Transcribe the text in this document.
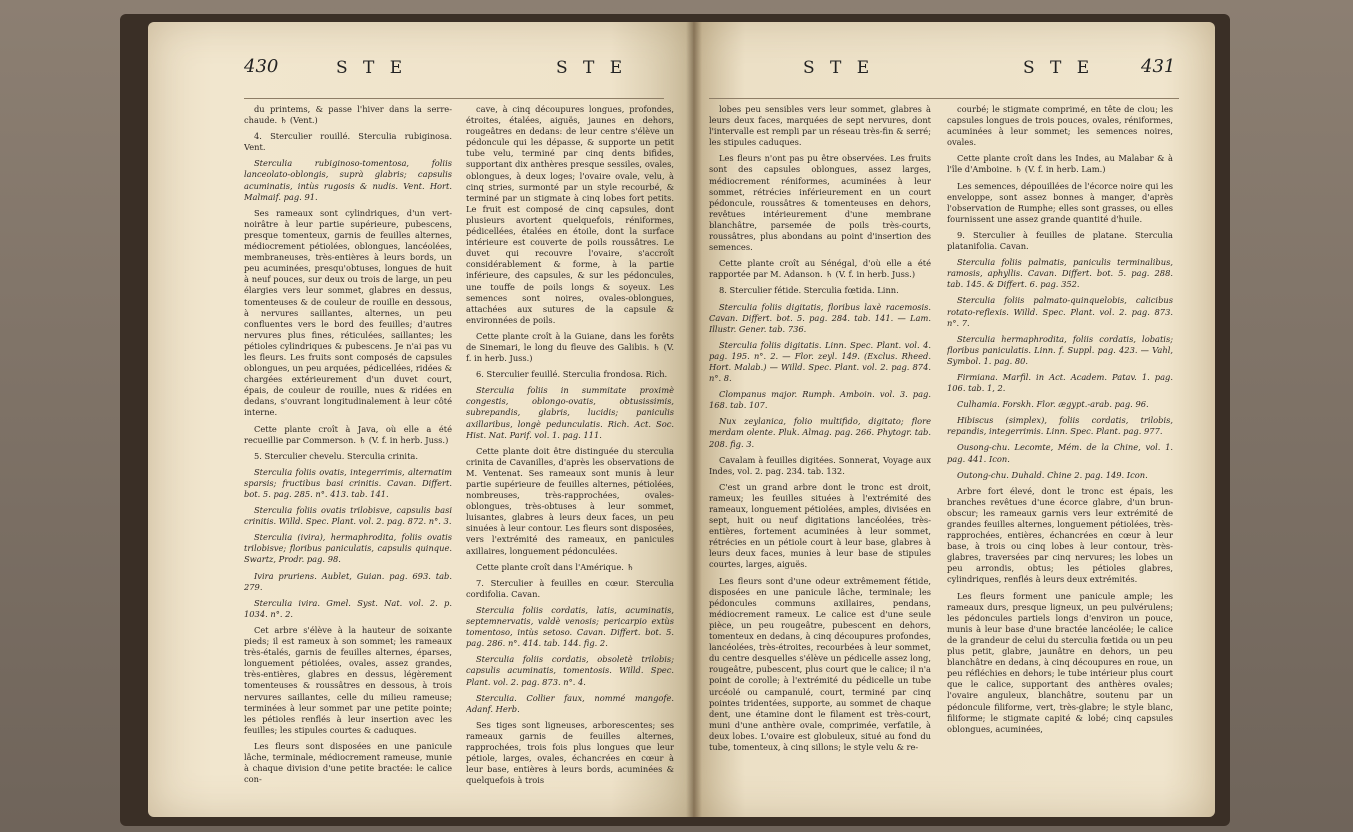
430	S T E	S T E

du printems, & passe l'hiver dans la serre-chaude. ♄ (Vent.)

4. Sterculier rouillé. Sterculia rubiginosa. Vent.

Sterculia rubiginoso-tomentosa, foliis lanceolato-oblongis, suprà glabris; capsulis acuminatis, intùs rugosis & nudis. Vent. Hort. Malmaif. pag. 91.

Ses rameaux sont cylindriques, d'un vert-noirâtre à leur partie supérieure, pubescens, presque tomenteux, garnis de feuilles alternes, médiocrement pétiolées, oblongues, lancéolées, membraneuses, très-entières à leurs bords, un peu acuminées, presqu'obtuses, longues de huit à neuf pouces, sur deux ou trois de large, un peu élargies vers leur sommet, glabres en dessus, tomenteuses & de couleur de rouille en dessous, à nervures saillantes, alternes, un peu confluentes vers le bord des feuilles; d'autres nervures plus fines, réticulées, saillantes; les pétioles cylindriques & pubescens. Je n'ai pas vu les fleurs. Les fruits sont composés de capsules oblongues, un peu arquées, pédicellées, ridées & chargées extérieurement d'un duvet court, épais, de couleur de rouille, nues & ridées en dedans, s'ouvrant longitudinalement à leur côté interne.

Cette plante croît à Java, où elle a été recueillie par Commerson. ♄ (V. f. in herb. Juss.)

5. Sterculier chevelu. Sterculia crinita.

Sterculia foliis ovatis, integerrimis, alternatim sparsis; fructibus basi crinitis. Cavan. Differt. bot. 5. pag. 285. n°. 413. tab. 141.

Sterculia foliis ovatis trilobisve, capsulis basi crinitis. Willd. Spec. Plant. vol. 2. pag. 872. n°. 3.

Sterculia (ivira), hermaphrodita, foliis ovatis trilobisve; floribus paniculatis, capsulis quinque. Swartz, Prodr. pag. 98.

Ivira pruriens. Aublet, Guian. pag. 693. tab. 279.

Sterculia ivira. Gmel. Syst. Nat. vol. 2. p. 1034. n°. 2.

Cet arbre s'élève à la hauteur de soixante pieds; il est rameux à son sommet; les rameaux très-étalés, garnis de feuilles alternes, éparses, longuement pétiolées, ovales, assez grandes, très-entières, glabres en dessus, légèrement tomenteuses & roussâtres en dessous, à trois nervures saillantes, celle du milieu rameuse; terminées à leur sommet par une petite pointe; les pétioles renflés à leur insertion avec les feuilles; les stipules courtes & caduques.

Les fleurs sont disposées en une panicule lâche, terminale, médiocrement rameuse, munie à chaque division d'une petite bractée: le calice con-

cave, à cinq découpures longues, profondes, étroites, étalées, aiguës, jaunes en dehors, rougeâtres en dedans: de leur centre s'élève un pédoncule qui les dépasse, & supporte un petit tube velu, terminé par cinq dents bifides, supportant dix anthères presque sessiles, ovales, oblongues, à deux loges; l'ovaire ovale, velu, à cinq stries, surmonté par un style recourbé, & terminé par un stigmate à cinq lobes fort petits. Le fruit est composé de cinq capsules, dont plusieurs avortent quelquefois, réniformes, pédicellées, étalées en étoile, dont la surface intérieure est couverte de poils roussâtres. Le duvet qui recouvre l'ovaire, s'accroît considérablement & forme, à la partie inférieure, des capsules, & sur les pédoncules, une touffe de poils longs & soyeux. Les semences sont noires, ovales-oblongues, attachées aux sutures de la capsule & environnées de poils.

Cette plante croît à la Guiane, dans les forêts de Sinemari, le long du fleuve des Galibis. ♄ (V. f. in herb. Juss.)

6. Sterculier feuillé. Sterculia frondosa. Rich.

Sterculia foliis in summitate proximè congestis, oblongo-ovatis, obtusissimis, subrepandis, glabris, lucidis; paniculis axillaribus, longè pedunculatis. Rich. Act. Soc. Hist. Nat. Parif. vol. 1. pag. 111.

Cette plante doit être distinguée du sterculia crinita de Cavanilles, d'après les observations de M. Ventenat. Ses rameaux sont munis à leur partie supérieure de feuilles alternes, pétiolées, nombreuses, très-rapprochées, ovales-oblongues, très-obtuses à leur sommet, luisantes, glabres à leurs deux faces, un peu sinuées à leur contour. Les fleurs sont disposées, vers l'extrémité des rameaux, en panicules axillaires, longuement pédonculées.

Cette plante croît dans l'Amérique. ♄

7. Sterculier à feuilles en cœur. Sterculia cordifolia. Cavan.

Sterculia foliis cordatis, latis, acuminatis, septemnervatis, valdè venosis; pericarpio extùs tomentoso, intùs setoso. Cavan. Differt. bot. 5. pag. 286. n°. 414. tab. 144. fig. 2.

Sterculia foliis cordatis, obsoletè trilobis; capsulis acuminatis, tomentosis. Willd. Spec. Plant. vol. 2. pag. 873. n°. 4.

Sterculia. Collier faux, nommé mangofe. Adanf. Herb.

Ses tiges sont ligneuses, arborescentes; ses rameaux garnis de feuilles alternes, rapprochées, trois fois plus longues que leur pétiole, larges, ovales, échancrées en cœur à leur base, entières à leurs bords, acuminées & quelquefois à trois

S T E	S T E	431

lobes peu sensibles vers leur sommet, glabres à leurs deux faces, marquées de sept nervures, dont l'intervalle est rempli par un réseau très-fin & serré; les stipules caduques.

Les fleurs n'ont pas pu être observées. Les fruits sont des capsules oblongues, assez larges, médiocrement réniformes, acuminées à leur sommet, rétrécies inférieurement en un court pédoncule, roussâtres & tomenteuses en dehors, revêtues intérieurement d'une membrane blanchâtre, parsemée de poils très-courts, roussâtres, plus abondans au point d'insertion des semences.

Cette plante croît au Sénégal, d'où elle a été rapportée par M. Adanson. ♄ (V. f. in herb. Juss.)

8. Sterculier fétide. Sterculia fœtida. Linn.

Sterculia foliis digitatis, floribus laxè racemosis. Cavan. Differt. bot. 5. pag. 284. tab. 141. — Lam. Illustr. Gener. tab. 736.

Sterculia foliis digitatis. Linn. Spec. Plant. vol. 4. pag. 195. n°. 2. — Flor. zeyl. 149. (Exclus. Rheed. Hort. Malab.) — Willd. Spec. Plant. vol. 2. pag. 874. n°. 8.

Clompanus major. Rumph. Amboin. vol. 3. pag. 168. tab. 107.

Nux zeylanica, folio multifido, digitato; flore merdam olente. Pluk. Almag. pag. 266. Phytogr. tab. 208. fig. 3.

Cavalam à feuilles digitées. Sonnerat, Voyage aux Indes, vol. 2. pag. 234. tab. 132.

C'est un grand arbre dont le tronc est droit, rameux; les feuilles situées à l'extrémité des rameaux, longuement pétiolées, amples, divisées en sept, huit ou neuf digitations lancéolées, très-entières, fortement acuminées à leur sommet, rétrécies en un pétiole court à leur base, glabres à leurs deux faces, munies à leur base de stipules courtes, larges, aiguës.

Les fleurs sont d'une odeur extrêmement fétide, disposées en une panicule lâche, terminale; les pédoncules communs axillaires, pendans, médiocrement rameux. Le calice est d'une seule pièce, un peu rougeâtre, pubescent en dehors, tomenteux en dedans, à cinq découpures profondes, lancéolées, très-étroites, recourbées à leur sommet, du centre desquelles s'élève un pédicelle assez long, rougeâtre, pubescent, plus court que le calice; il n'a point de corolle; à l'extrémité du pédicelle un tube urcéolé ou campanulé, court, terminé par cinq pointes tridentées, supporte, au sommet de chaque dent, une étamine dont le filament est très-court, muni d'une anthère ovale, comprimée, verfatile, à deux lobes. L'ovaire est globuleux, situé au fond du tube, tomenteux, à cinq sillons; le style velu & re-

courbé; le stigmate comprimé, en tête de clou; les capsules longues de trois pouces, ovales, réniformes, acuminées à leur sommet; les semences noires, ovales.

Cette plante croît dans les Indes, au Malabar & à l'île d'Amboine. ♄ (V. f. in herb. Lam.)

Les semences, dépouillées de l'écorce noire qui les enveloppe, sont assez bonnes à manger, d'après l'observation de Rumphe; elles sont grasses, ou elles fournissent une assez grande quantité d'huile.

9. Sterculier à feuilles de platane. Sterculia platanifolia. Cavan.

Sterculia foliis palmatis, paniculis terminalibus, ramosis, aphyllis. Cavan. Differt. bot. 5. pag. 288. tab. 145. & Differt. 6. pag. 352.

Sterculia foliis palmato-quinquelobis, calicibus rotato-reflexis. Willd. Spec. Plant. vol. 2. pag. 873. n°. 7.

Sterculia hermaphrodita, foliis cordatis, lobatis; floribus paniculatis. Linn. f. Suppl. pag. 423. — Vahl, Symbol. 1. pag. 80.

Firmiana. Marfil. in Act. Academ. Patav. 1. pag. 106. tab. 1, 2.

Culhamia. Forskh. Flor. ægypt.-arab. pag. 96.

Hibiscus (simplex), foliis cordatis, trilobis, repandis, integerrimis. Linn. Spec. Plant. pag. 977.

Ousong-chu. Lecomte, Mém. de la Chine, vol. 1. pag. 441. Icon.

Outong-chu. Duhald. Chine 2. pag. 149. Icon.

Arbre fort élevé, dont le tronc est épais, les branches revêtues d'une écorce glabre, d'un brun-obscur; les rameaux garnis vers leur extrémité de grandes feuilles alternes, longuement pétiolées, très-rapprochées, entières, échancrées en cœur à leur base, à trois ou cinq lobes à leur contour, très-glabres, traversées par cinq nervures; les lobes un peu arrondis, obtus; les pétioles glabres, cylindriques, renflés à leurs deux extrémités.

Les fleurs forment une panicule ample; les rameaux durs, presque ligneux, un peu pulvérulens; les pédoncules partiels longs d'environ un pouce, munis à leur base d'une bractée lancéolée; le calice de la grandeur de celui du sterculia fœtida ou un peu plus petit, glabre, jaunâtre en dehors, un peu blanchâtre en dedans, à cinq découpures en roue, un peu réfléchies en dehors; le tube intérieur plus court que le calice, supportant des anthères ovales; l'ovaire anguleux, blanchâtre, soutenu par un pédoncule filiforme, vert, très-glabre; le style blanc, filiforme; le stigmate capité & lobé; cinq capsules oblongues, acuminées,
